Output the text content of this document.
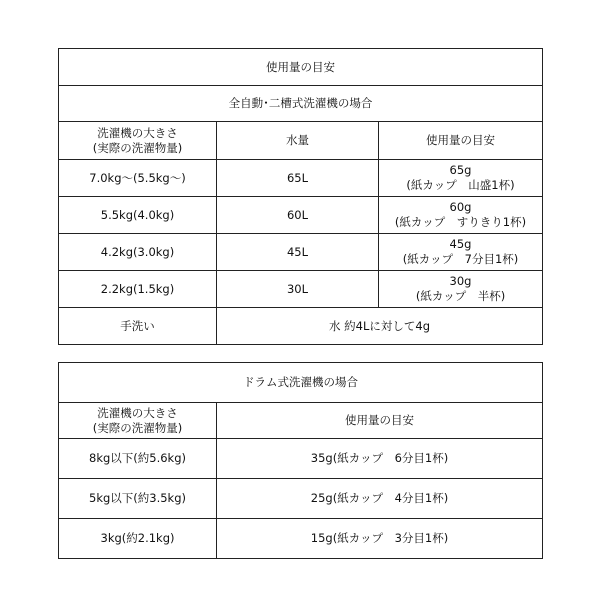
使用量の目安		
全自動･二槽式洗濯機の場合		

洗濯機の大きさ
(実際の洗濯物量)	水量	使用量の目安
7.0kg～(5.5kg～)	65L	65g
(紙カップ　山盛1杯)

5.5kg(4.0kg)	60L	60g
(紙カップ　すりきり1杯)

4.2kg(3.0kg)	45L	45g
(紙カップ　7分目1杯)

2.2kg(1.5kg)	30L	30g
(紙カップ　半杯)

手洗い	水 約4Lに対して4g	
ドラム式洗濯機の場合	

洗濯機の大きさ
(実際の洗濯物量)	使用量の目安
8kg以下(約5.6kg)	35g(紙カップ　6分目1杯)
5kg以下(約3.5kg)	25g(紙カップ　4分目1杯)
3kg(約2.1kg)	15g(紙カップ　3分目1杯)
